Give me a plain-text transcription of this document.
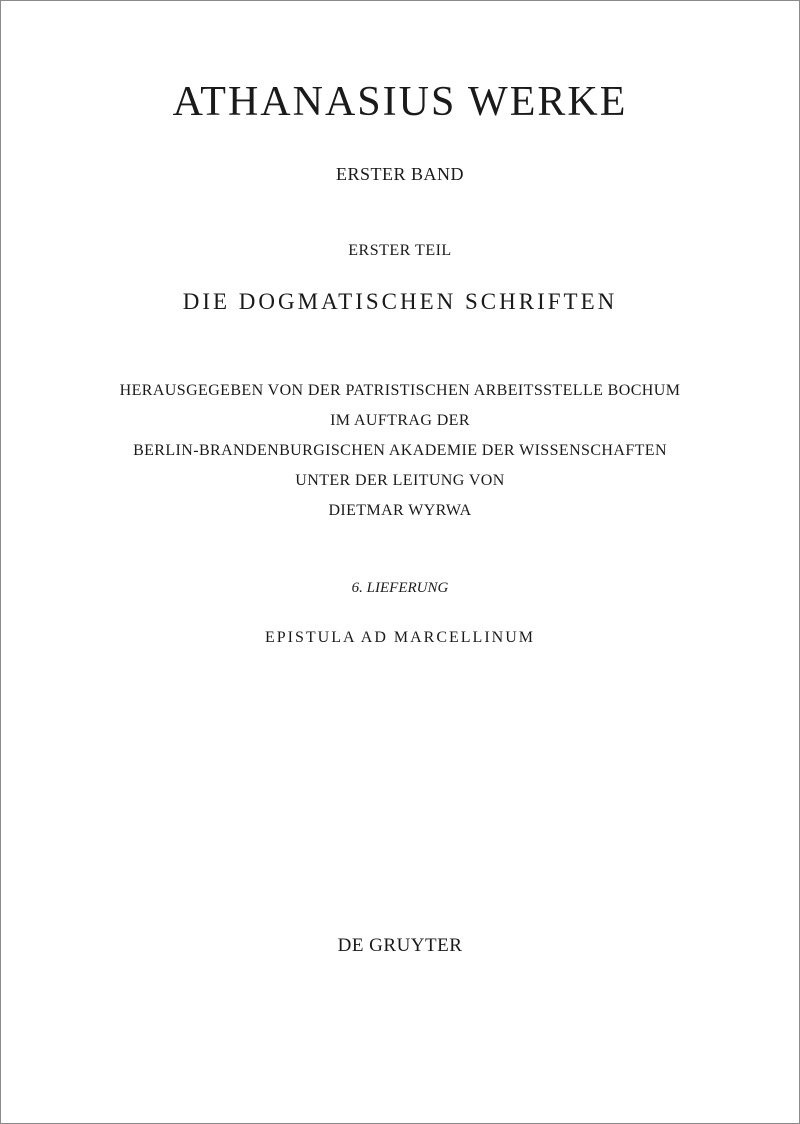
ATHANASIUS WERKE
ERSTER BAND
ERSTER TEIL
DIE DOGMATISCHEN SCHRIFTEN
HERAUSGEGEBEN VON DER PATRISTISCHEN ARBEITSSTELLE BOCHUM
IM AUFTRAG DER
BERLIN-BRANDENBURGISCHEN AKADEMIE DER WISSENSCHAFTEN
UNTER DER LEITUNG VON
DIETMAR WYRWA
6. LIEFERUNG
EPISTULA AD MARCELLINUM
DE GRUYTER
